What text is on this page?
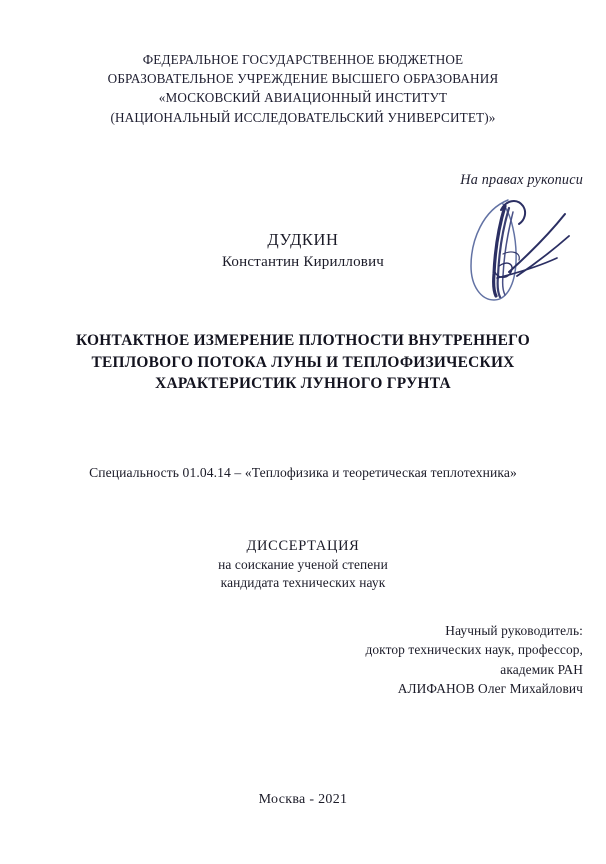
ФЕДЕРАЛЬНОЕ ГОСУДАРСТВЕННОЕ БЮДЖЕТНОЕ
ОБРАЗОВАТЕЛЬНОЕ УЧРЕЖДЕНИЕ ВЫСШЕГО ОБРАЗОВАНИЯ
«МОСКОВСКИЙ АВИАЦИОННЫЙ ИНСТИТУТ
(НАЦИОНАЛЬНЫЙ ИССЛЕДОВАТЕЛЬСКИЙ УНИВЕРСИТЕТ)»
На правах рукописи
ДУДКИН
Константин Кириллович
КОНТАКТНОЕ ИЗМЕРЕНИЕ ПЛОТНОСТИ ВНУТРЕННЕГО
ТЕПЛОВОГО ПОТОКА ЛУНЫ И ТЕПЛОФИЗИЧЕСКИХ
ХАРАКТЕРИСТИК ЛУННОГО ГРУНТА
Специальность 01.04.14 – «Теплофизика и теоретическая теплотехника»
ДИССЕРТАЦИЯ
на соискание ученой степени
кандидата технических наук
Научный руководитель:
доктор технических наук, профессор,
академик РАН
АЛИФАНОВ Олег Михайлович
Москва - 2021
